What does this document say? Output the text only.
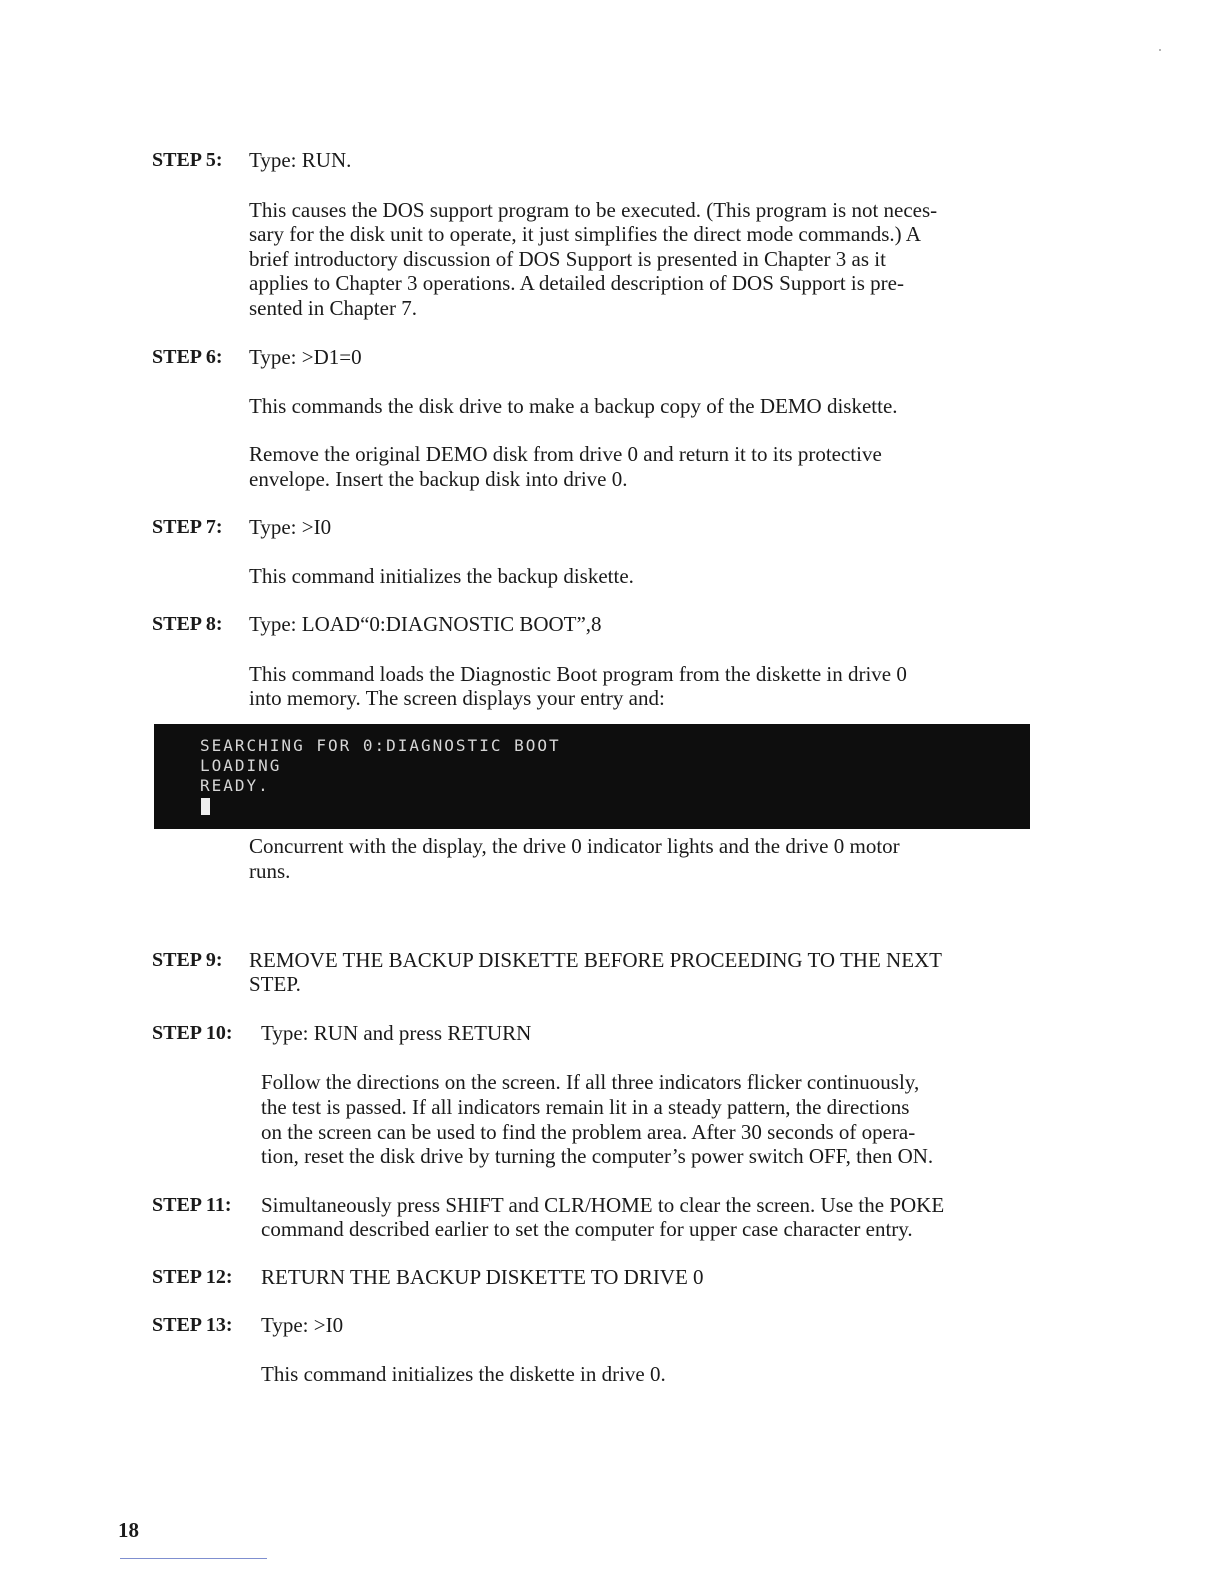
STEP 5: Type: RUN.
This causes the DOS support program to be executed. (This program is not neces-
sary for the disk unit to operate, it just simplifies the direct mode commands.) A
brief introductory discussion of DOS Support is presented in Chapter 3 as it
applies to Chapter 3 operations. A detailed description of DOS Support is pre-
sented in Chapter 7.
STEP 6: Type: >D1=0
This commands the disk drive to make a backup copy of the DEMO diskette.
Remove the original DEMO disk from drive 0 and return it to its protective
envelope. Insert the backup disk into drive 0.
STEP 7: Type: >I0
This command initializes the backup diskette.
STEP 8: Type: LOAD“0:DIAGNOSTIC BOOT”,8
This command loads the Diagnostic Boot program from the diskette in drive 0
into memory. The screen displays your entry and:
SEARCHING FOR 0:DIAGNOSTIC BOOT
LOADING
READY.
Concurrent with the display, the drive 0 indicator lights and the drive 0 motor
runs.
STEP 9: REMOVE THE BACKUP DISKETTE BEFORE PROCEEDING TO THE NEXT
STEP.
STEP 10: Type: RUN and press RETURN
Follow the directions on the screen. If all three indicators flicker continuously,
the test is passed. If all indicators remain lit in a steady pattern, the directions
on the screen can be used to find the problem area. After 30 seconds of opera-
tion, reset the disk drive by turning the computer’s power switch OFF, then ON.
STEP 11: Simultaneously press SHIFT and CLR/HOME to clear the screen. Use the POKE
command described earlier to set the computer for upper case character entry.
STEP 12: RETURN THE BACKUP DISKETTE TO DRIVE 0
STEP 13: Type: >I0
This command initializes the diskette in drive 0.
18
